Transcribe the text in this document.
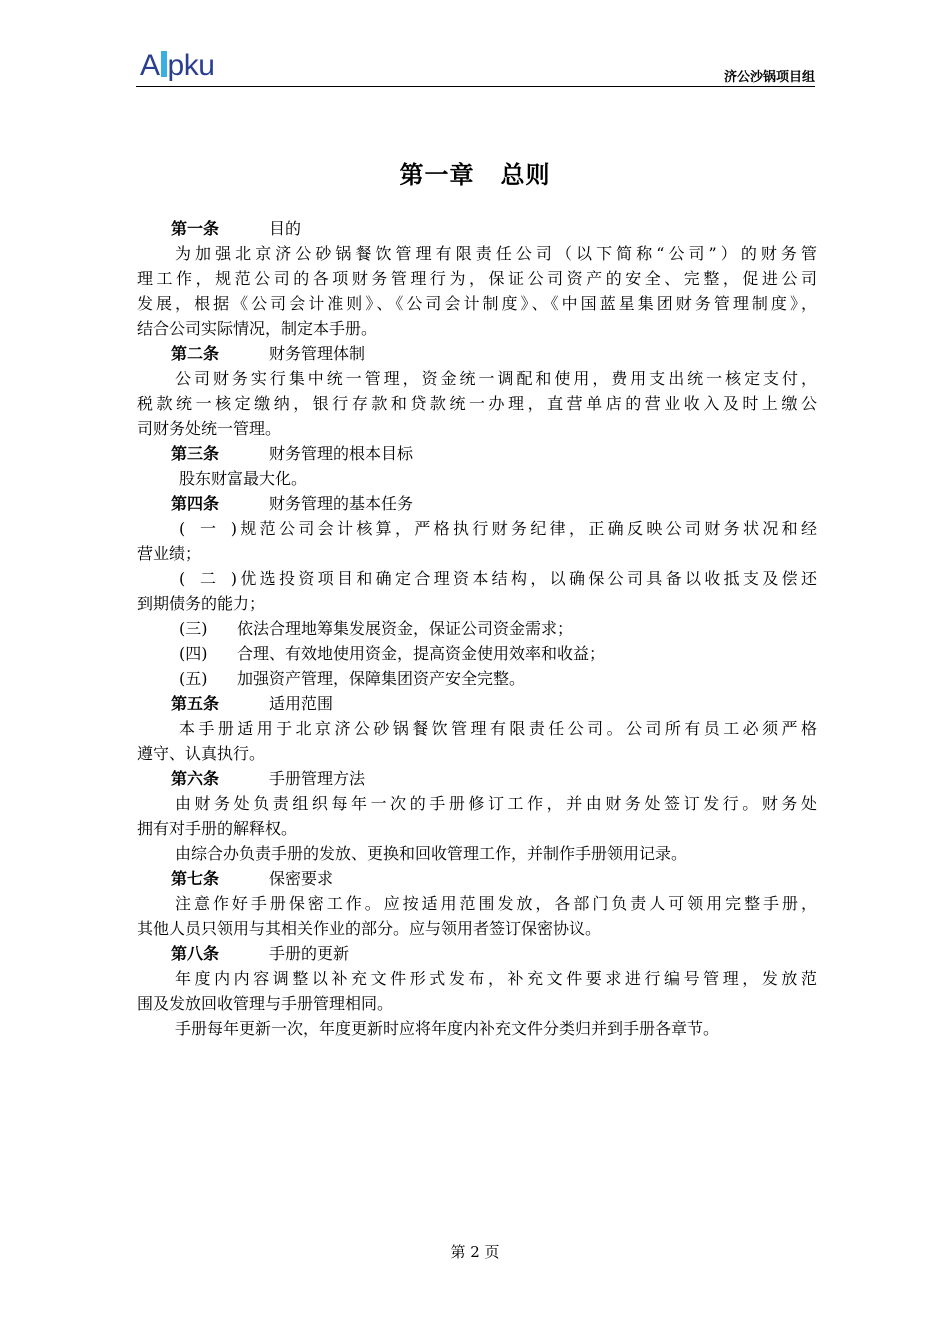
A pku	济公沙锅项目组
第一章 总则
第一条	目的
为加强北京济公砂锅餐饮管理有限责任公司（以下简称“公司”）的财务管
理工作，规范公司的各项财务管理行为，保证公司资产的安全、完整，促进公司
发展，根据《公司会计准则》、《公司会计制度》、《中国蓝星集团财务管理制度》，
结合公司实际情况，制定本手册。
第二条	财务管理体制
公司财务实行集中统一管理，资金统一调配和使用，费用支出统一核定支付，
税款统一核定缴纳，银行存款和贷款统一办理，直营单店的营业收入及时上缴公
司财务处统一管理。
第三条	财务管理的根本目标
股东财富最大化。
第四条	财务管理的基本任务
(一)规范公司会计核算，严格执行财务纪律，正确反映公司财务状况和经
营业绩；
(二)优选投资项目和确定合理资本结构，以确保公司具备以收抵支及偿还
到期债务的能力；
(三) 依法合理地筹集发展资金，保证公司资金需求；
(四) 合理、有效地使用资金，提高资金使用效率和收益；
(五) 加强资产管理，保障集团资产安全完整。
第五条	适用范围
本手册适用于北京济公砂锅餐饮管理有限责任公司。公司所有员工必须严格
遵守、认真执行。
第六条	手册管理方法
由财务处负责组织每年一次的手册修订工作，并由财务处签订发行。财务处
拥有对手册的解释权。
由综合办负责手册的发放、更换和回收管理工作，并制作手册领用记录。
第七条	保密要求
注意作好手册保密工作。应按适用范围发放，各部门负责人可领用完整手册，
其他人员只领用与其相关作业的部分。应与领用者签订保密协议。
第八条	手册的更新
年度内内容调整以补充文件形式发布，补充文件要求进行编号管理，发放范
围及发放回收管理与手册管理相同。
手册每年更新一次，年度更新时应将年度内补充文件分类归并到手册各章节。
第 2 页
